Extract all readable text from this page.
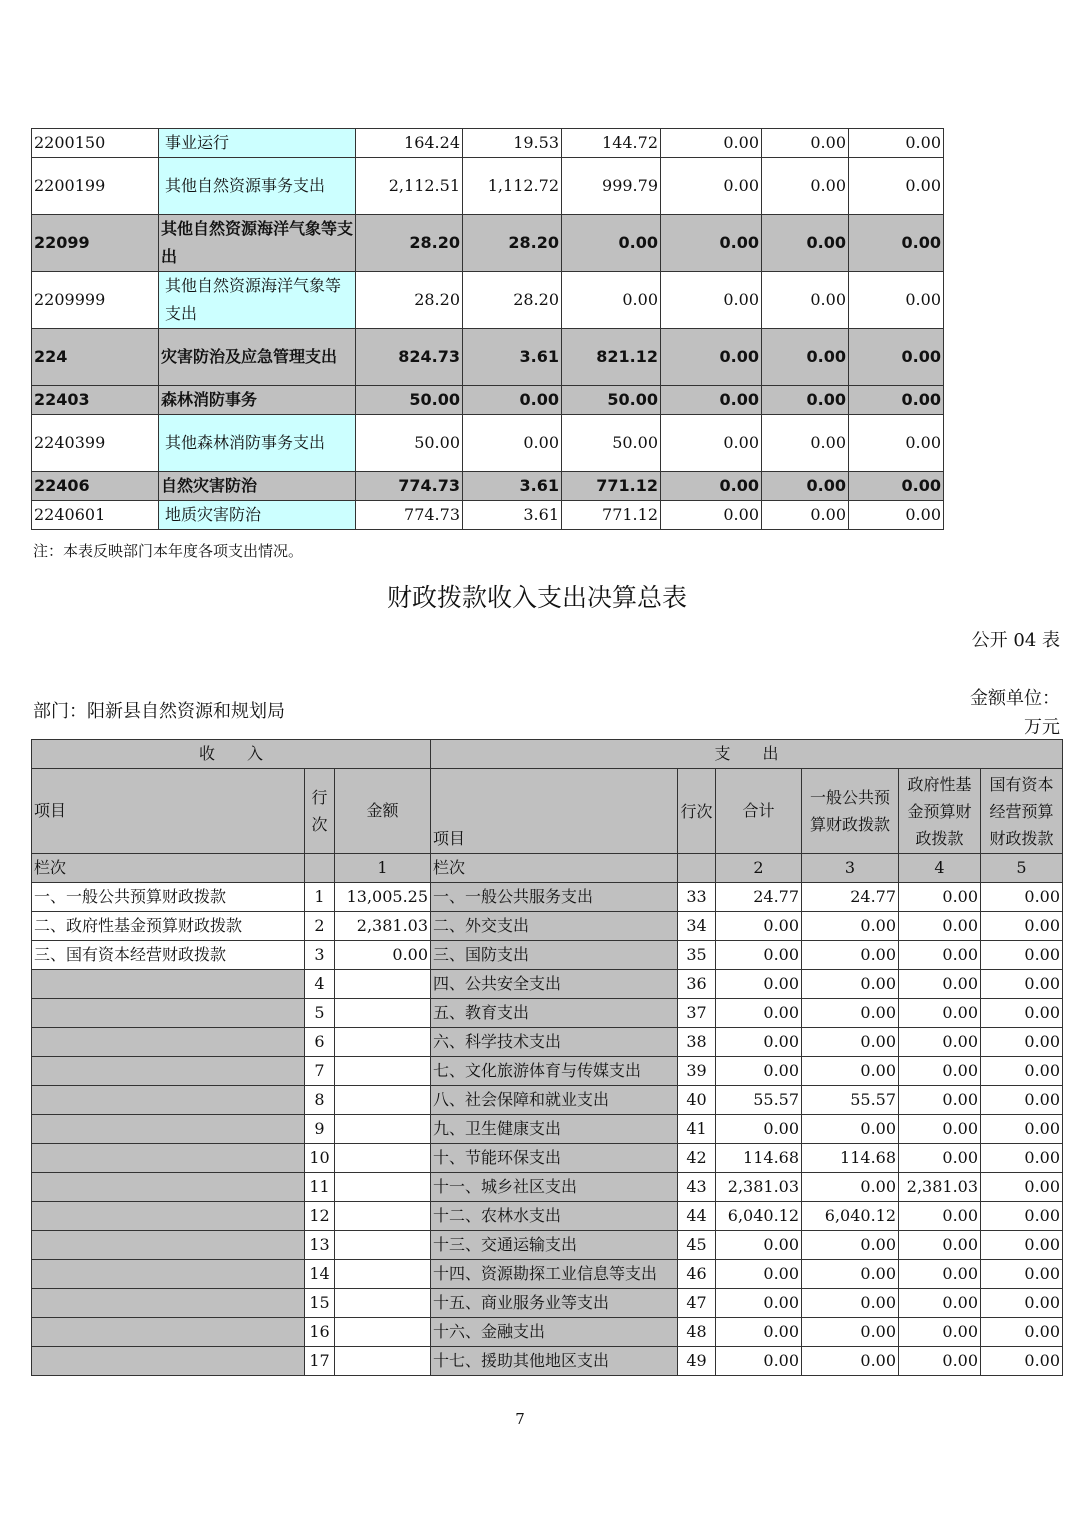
2200150	事业运行	164.24	19.53	144.72	0.00	0.00	0.00
2200199	其他自然资源事务支出	2,112.51	1,112.72	999.79	0.00	0.00	0.00
22099	其他自然资源海洋气象等支出	28.20	28.20	0.00	0.00	0.00	0.00
2209999	其他自然资源海洋气象等支出	28.20	28.20	0.00	0.00	0.00	0.00
224	灾害防治及应急管理支出	824.73	3.61	821.12	0.00	0.00	0.00
22403	森林消防事务	50.00	0.00	50.00	0.00	0.00	0.00
2240399	其他森林消防事务支出	50.00	0.00	50.00	0.00	0.00	0.00
22406	自然灾害防治	774.73	3.61	771.12	0.00	0.00	0.00
2240601	地质灾害防治	774.73	3.61	771.12	0.00	0.00	0.00
注：本表反映部门本年度各项支出情况。
财政拨款收入支出决算总表
公开 04 表
部门：阳新县自然资源和规划局
金额单位：万元
收　　入			支　　出					
项目	行次	金额	项目	行次	合计	一般公共预算财政拨款	政府性基金预算财政拨款	国有资本经营预算财政拨款
栏次		1	栏次		2	3	4	5
一、一般公共预算财政拨款	1	13,005.25	一、一般公共服务支出	33	24.77	24.77	0.00	0.00
二、政府性基金预算财政拨款	2	2,381.03	二、外交支出	34	0.00	0.00	0.00	0.00
三、国有资本经营财政拨款	3	0.00	三、国防支出	35	0.00	0.00	0.00	0.00
	4		四、公共安全支出	36	0.00	0.00	0.00	0.00
	5		五、教育支出	37	0.00	0.00	0.00	0.00
	6		六、科学技术支出	38	0.00	0.00	0.00	0.00
	7		七、文化旅游体育与传媒支出	39	0.00	0.00	0.00	0.00
	8		八、社会保障和就业支出	40	55.57	55.57	0.00	0.00
	9		九、卫生健康支出	41	0.00	0.00	0.00	0.00
	10		十、节能环保支出	42	114.68	114.68	0.00	0.00
	11		十一、城乡社区支出	43	2,381.03	0.00	2,381.03	0.00
	12		十二、农林水支出	44	6,040.12	6,040.12	0.00	0.00
	13		十三、交通运输支出	45	0.00	0.00	0.00	0.00
	14		十四、资源勘探工业信息等支出	46	0.00	0.00	0.00	0.00
	15		十五、商业服务业等支出	47	0.00	0.00	0.00	0.00
	16		十六、金融支出	48	0.00	0.00	0.00	0.00
	17		十七、援助其他地区支出	49	0.00	0.00	0.00	0.00
7
